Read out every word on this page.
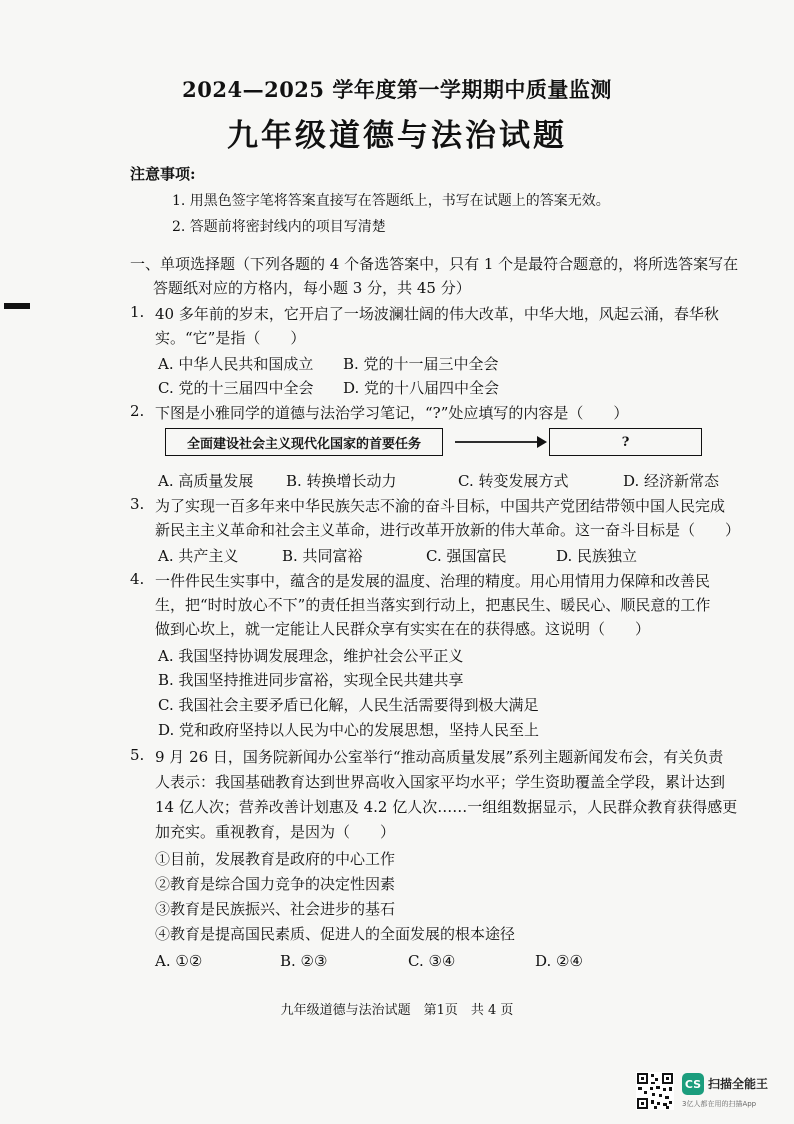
2024—2025 学年度第一学期期中质量监测
九年级道德与法治试题
注意事项:
1. 用黑色签字笔将答案直接写在答题纸上，书写在试题上的答案无效。
2. 答题前将密封线内的项目写清楚
一、单项选择题（下列各题的 4 个备选答案中，只有 1 个是最符合题意的，将所选答案写在
答题纸对应的方格内，每小题 3 分，共 45 分）
1. 40 多年前的岁末，它开启了一场波澜壮阔的伟大改革，中华大地，风起云涌，春华秋
实。“它”是指（　　）
A. 中华人民共和国成立 B. 党的十一届三中全会
C. 党的十三届四中全会 D. 党的十八届四中全会
2. 下图是小雅同学的道德与法治学习笔记，“?”处应填写的内容是（　　）
全面建设社会主义现代化国家的首要任务	?
A. 高质量发展 B. 转换增长动力	C. 转变发展方式	D. 经济新常态
3. 为了实现一百多年来中华民族矢志不渝的奋斗目标，中国共产党团结带领中国人民完成
新民主主义革命和社会主义革命，进行改革开放新的伟大革命。这一奋斗目标是（　　）
A. 共产主义	B. 共同富裕	C. 强国富民	D. 民族独立
4. 一件件民生实事中，蕴含的是发展的温度、治理的精度。用心用情用力保障和改善民
生，把“时时放心不下”的责任担当落实到行动上，把惠民生、暖民心、顺民意的工作
做到心坎上，就一定能让人民群众享有实实在在的获得感。这说明（　　）
A. 我国坚持协调发展理念，维护社会公平正义
B. 我国坚持推进同步富裕，实现全民共建共享
C. 我国社会主要矛盾已化解，人民生活需要得到极大满足
D. 党和政府坚持以人民为中心的发展思想，坚持人民至上
5. 9 月 26 日，国务院新闻办公室举行“推动高质量发展”系列主题新闻发布会，有关负责
人表示：我国基础教育达到世界高收入国家平均水平；学生资助覆盖全学段，累计达到
14 亿人次；营养改善计划惠及 4.2 亿人次……一组组数据显示，人民群众教育获得感更
加充实。重视教育，是因为（　　）
①目前，发展教育是政府的中心工作
②教育是综合国力竞争的决定性因素
③教育是民族振兴、社会进步的基石
④教育是提高国民素质、促进人的全面发展的根本途径
A. ①②	B. ②③	C. ③④	D. ②④
九年级道德与法治试题　第1页　共 4 页
CS 扫描全能王
3亿人都在用的扫描App
